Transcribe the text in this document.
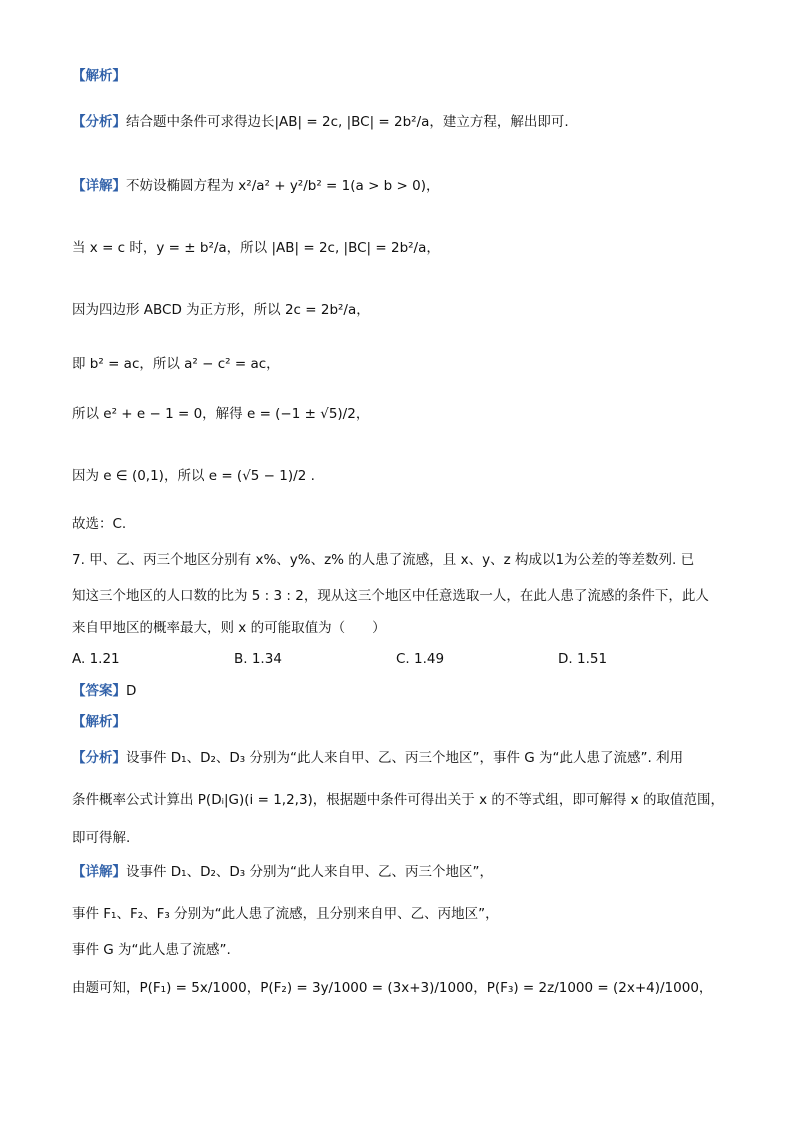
【解析】
【分析】结合题中条件可求得边长|AB| = 2c, |BC| = 2b²/a，建立方程，解出即可.
【详解】不妨设椭圆方程为 x²/a² + y²/b² = 1(a > b > 0)，
当 x = c 时，y = ± b²/a，所以 |AB| = 2c, |BC| = 2b²/a，
因为四边形 ABCD 为正方形，所以 2c = 2b²/a，
即 b² = ac，所以 a² − c² = ac，
所以 e² + e − 1 = 0，解得 e = (−1 ± √5)/2，
因为 e ∈ (0,1)，所以 e = (√5 − 1)/2 .
故选：C.
7. 甲、乙、丙三个地区分别有 x%、y%、z% 的人患了流感，且 x、y、z 构成以1为公差的等差数列. 已
知这三个地区的人口数的比为 5 : 3 : 2，现从这三个地区中任意选取一人，在此人患了流感的条件下，此人
来自甲地区的概率最大，则 x 的可能取值为（　　）
A. 1.21	B. 1.34	C. 1.49	D. 1.51
【答案】D
【解析】
【分析】设事件 D₁、D₂、D₃ 分别为“此人来自甲、乙、丙三个地区”，事件 G 为“此人患了流感”. 利用
条件概率公式计算出 P(Dᵢ|G)(i = 1,2,3)，根据题中条件可得出关于 x 的不等式组，即可解得 x 的取值范围，
即可得解.
【详解】设事件 D₁、D₂、D₃ 分别为“此人来自甲、乙、丙三个地区”，
事件 F₁、F₂、F₃ 分别为“此人患了流感，且分别来自甲、乙、丙地区”，
事件 G 为“此人患了流感”.
由题可知，P(F₁) = 5x/1000，P(F₂) = 3y/1000 = (3x+3)/1000，P(F₃) = 2z/1000 = (2x+4)/1000，
